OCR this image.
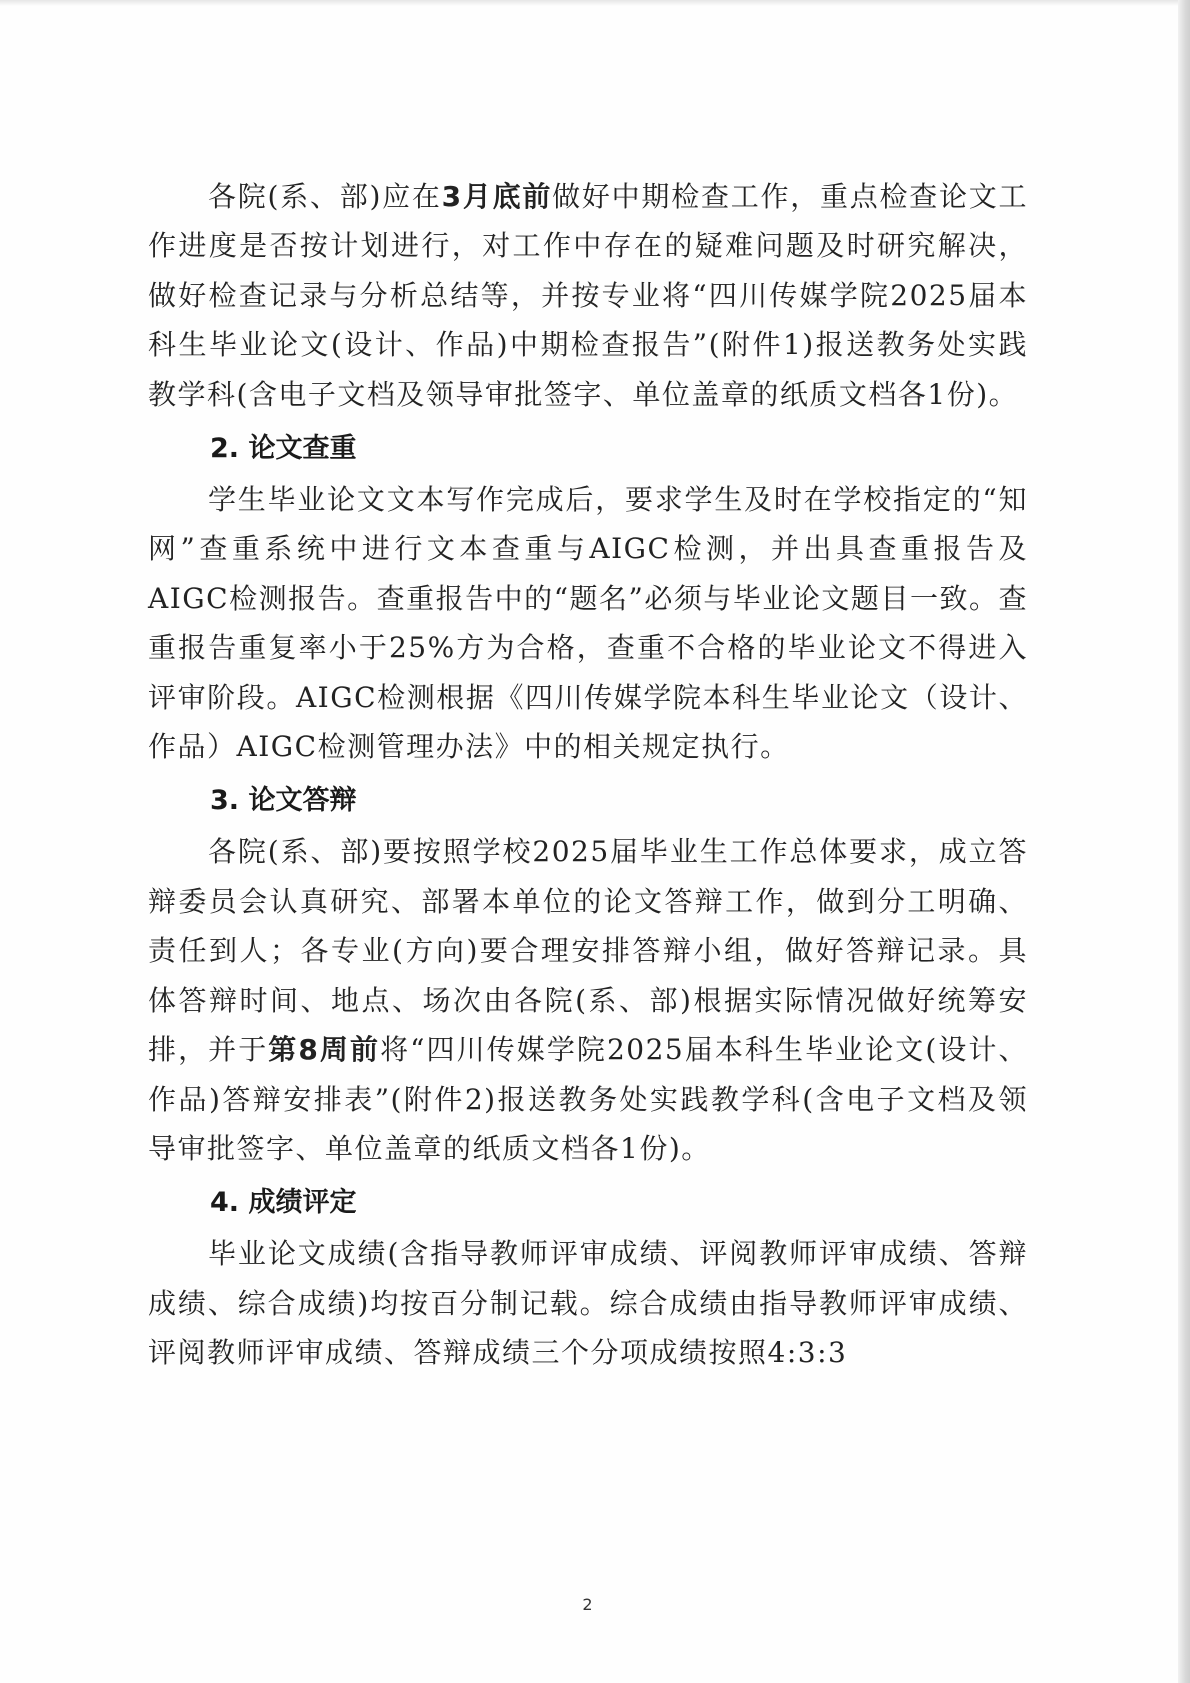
各院(系、部)应在3月底前做好中期检查工作，重点检查论文工作进度是否按计划进行，对工作中存在的疑难问题及时研究解决，做好检查记录与分析总结等，并按专业将“四川传媒学院2025届本科生毕业论文(设计、作品)中期检查报告”(附件1)报送教务处实践教学科(含电子文档及领导审批签字、单位盖章的纸质文档各1份)。

2. 论文查重

学生毕业论文文本写作完成后，要求学生及时在学校指定的“知网”查重系统中进行文本查重与AIGC检测，并出具查重报告及AIGC检测报告。查重报告中的“题名”必须与毕业论文题目一致。查重报告重复率小于25%方为合格，查重不合格的毕业论文不得进入评审阶段。AIGC检测根据《四川传媒学院本科生毕业论文（设计、作品）AIGC检测管理办法》中的相关规定执行。

3. 论文答辩

各院(系、部)要按照学校2025届毕业生工作总体要求，成立答辩委员会认真研究、部署本单位的论文答辩工作，做到分工明确、责任到人；各专业(方向)要合理安排答辩小组，做好答辩记录。具体答辩时间、地点、场次由各院(系、部)根据实际情况做好统筹安排，并于第8周前将“四川传媒学院2025届本科生毕业论文(设计、作品)答辩安排表”(附件2)报送教务处实践教学科(含电子文档及领导审批签字、单位盖章的纸质文档各1份)。

4. 成绩评定

毕业论文成绩(含指导教师评审成绩、评阅教师评审成绩、答辩成绩、综合成绩)均按百分制记载。综合成绩由指导教师评审成绩、评阅教师评审成绩、答辩成绩三个分项成绩按照4:3:3

2
